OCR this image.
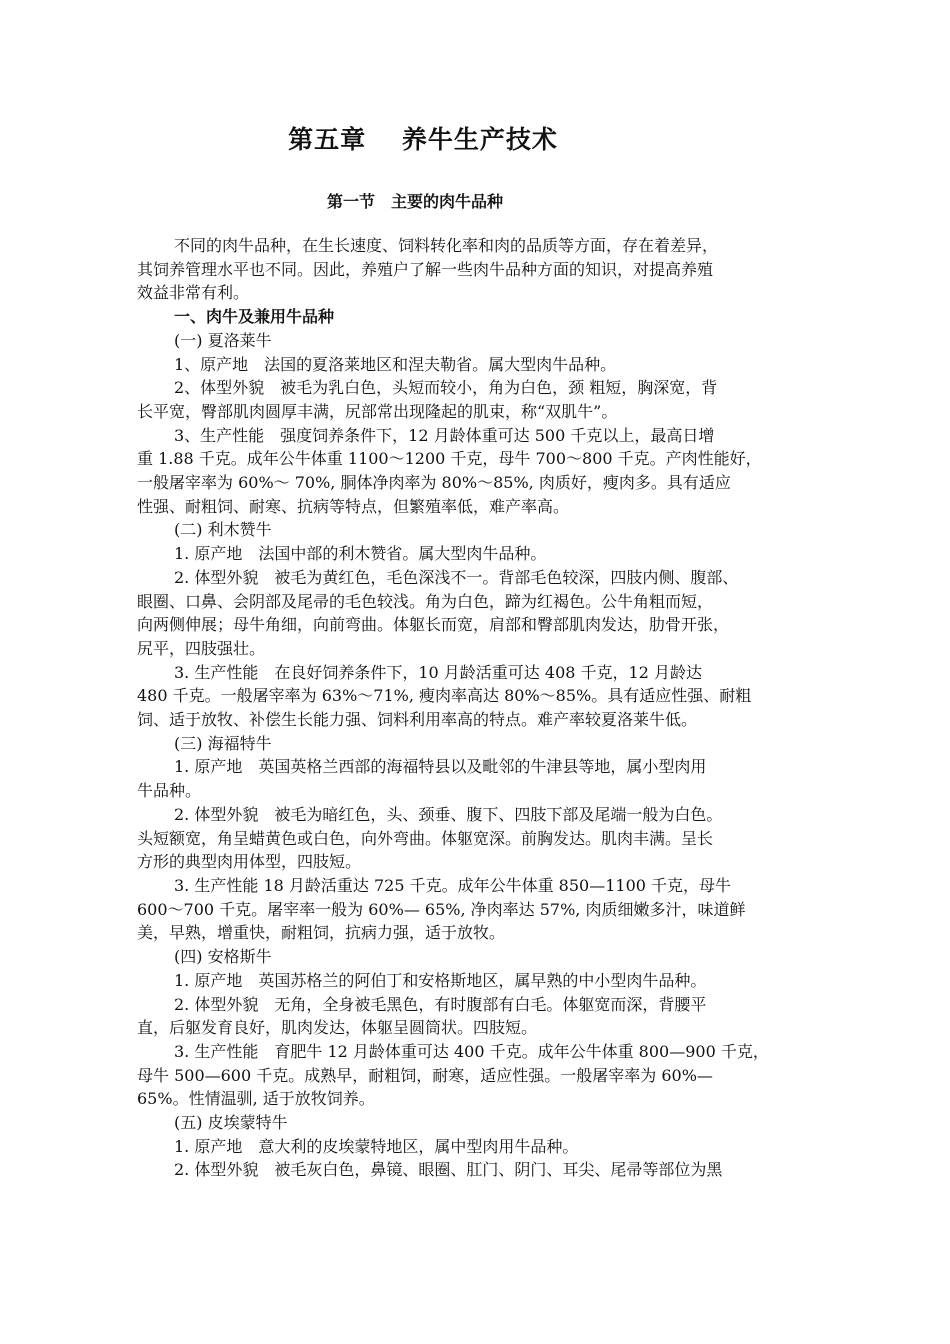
第五章　 养牛生产技术
第一节　主要的肉牛品种

不同的肉牛品种，在生长速度、饲料转化率和肉的品质等方面，存在着差异，

其饲养管理水平也不同。因此，养殖户了解一些肉牛品种方面的知识，对提高养殖

效益非常有利。

一、肉牛及兼用牛品种

(一) 夏洛莱牛

1、原产地　法国的夏洛莱地区和涅夫勒省。属大型肉牛品种。

2、体型外貌　被毛为乳白色，头短而较小，角为白色，颈 粗短，胸深宽，背

长平宽，臀部肌肉圆厚丰满，尻部常出现隆起的肌束，称“双肌牛”。

3、生产性能　强度饲养条件下，12 月龄体重可达 500 千克以上，最高日增

重 1.88 千克。成年公牛体重 1100～1200 千克，母牛 700～800 千克。产肉性能好，

一般屠宰率为 60%～ 70%, 胴体净肉率为 80%～85%, 肉质好，瘦肉多。具有适应

性强、耐粗饲、耐寒、抗病等特点，但繁殖率低，难产率高。

(二) 利木赞牛

1. 原产地　法国中部的利木赞省。属大型肉牛品种。

2. 体型外貌　被毛为黄红色，毛色深浅不一。背部毛色较深，四肢内侧、腹部、

眼圈、口鼻、会阴部及尾帚的毛色较浅。角为白色，蹄为红褐色。公牛角粗而短，

向两侧伸展；母牛角细，向前弯曲。体躯长而宽，肩部和臀部肌肉发达，肋骨开张，

尻平，四肢强壮。

3. 生产性能　在良好饲养条件下，10 月龄活重可达 408 千克，12 月龄达

480 千克。一般屠宰率为 63%～71%, 瘦肉率高达 80%～85%。具有适应性强、耐粗

饲、适于放牧、补偿生长能力强、饲料利用率高的特点。难产率较夏洛莱牛低。

(三) 海福特牛

1. 原产地　英国英格兰西部的海福特县以及毗邻的牛津县等地，属小型肉用

牛品种。

2. 体型外貌　被毛为暗红色，头、颈垂、腹下、四肢下部及尾端一般为白色。

头短额宽，角呈蜡黄色或白色，向外弯曲。体躯宽深。前胸发达。肌肉丰满。呈长

方形的典型肉用体型，四肢短。

3. 生产性能 18 月龄活重达 725 千克。成年公牛体重 850—1100 千克，母牛

600～700 千克。屠宰率一般为 60%— 65%, 净肉率达 57%, 肉质细嫩多汁，味道鲜

美，早熟，增重快，耐粗饲，抗病力强，适于放牧。

(四) 安格斯牛

1. 原产地　英国苏格兰的阿伯丁和安格斯地区，属早熟的中小型肉牛品种。

2. 体型外貌　无角，全身被毛黑色，有时腹部有白毛。体躯宽而深，背腰平

直，后躯发育良好，肌肉发达，体躯呈圆筒状。四肢短。

3. 生产性能　育肥牛 12 月龄体重可达 400 千克。成年公牛体重 800—900 千克，

母牛 500—600 千克。成熟早，耐粗饲，耐寒，适应性强。一般屠宰率为 60%—

65%。性情温驯, 适于放牧饲养。

(五) 皮埃蒙特牛

1. 原产地　意大利的皮埃蒙特地区，属中型肉用牛品种。

2. 体型外貌　被毛灰白色，鼻镜、眼圈、肛门、阴门、耳尖、尾帚等部位为黑
